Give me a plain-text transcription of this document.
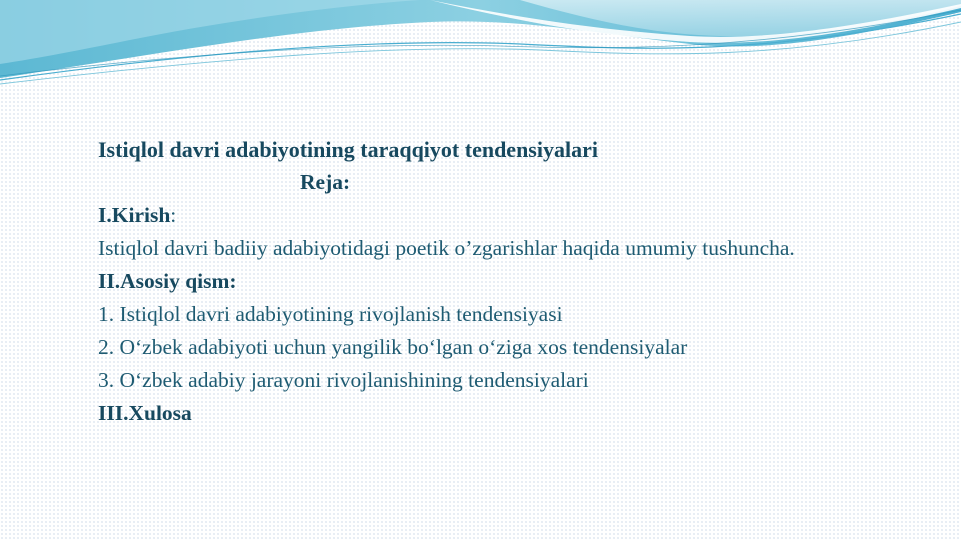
Istiqlol davri adabiyotining taraqqiyot tendensiyalari
Reja:
I.Kirish:
Istiqlol davri badiiy adabiyotidagi poetik o’zgarishlar haqida umumiy tushuncha.
II.Asosiy qism:
1. Istiqlol davri adabiyotining rivojlanish tendensiyasi
2. O‘zbek adabiyoti uchun yangilik bo‘lgan o‘ziga xos tendensiyalar
3. O‘zbek adabiy jarayoni rivojlanishining tendensiyalari
III.Xulosa
